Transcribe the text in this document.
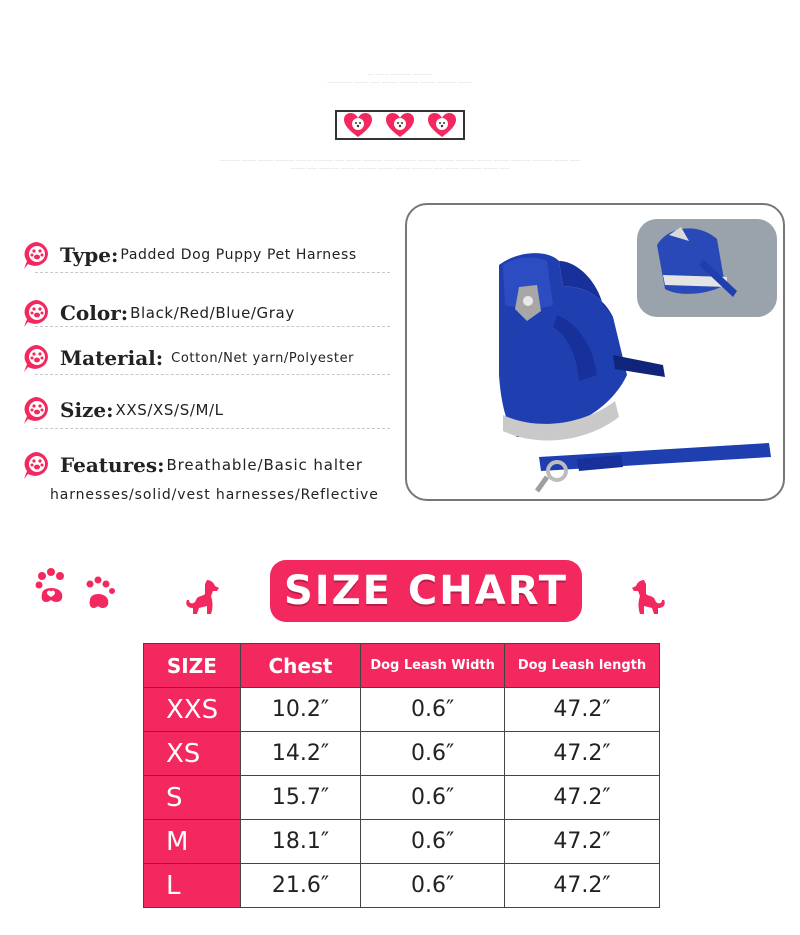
— ——— ———— ————
————— ——— —— ——— ———— ——— ———— ———
———— ——— ——— ———— ——— ———— —— ——— ———— ——— ——— ———— ——— ———— ——— ——— ———— ———— ——— ——
——— —— ———— ——— ———— ——— ——— ———— —— ——— ———— ——— ——
Type: Padded Dog Puppy Pet Harness
Color: Black/Red/Blue/Gray
Material: Cotton/Net yarn/Polyester
Size: XXS/XS/S/M/L
Features: Breathable/Basic halter
harnesses/solid/vest harnesses/Reflective
SIZE CHART
SIZE	Chest	Dog Leash Width	Dog Leash length
XXS	10.2″	0.6″	47.2″
XS	14.2″	0.6″	47.2″
S	15.7″	0.6″	47.2″
M	18.1″	0.6″	47.2″
L	21.6″	0.6″	47.2″
